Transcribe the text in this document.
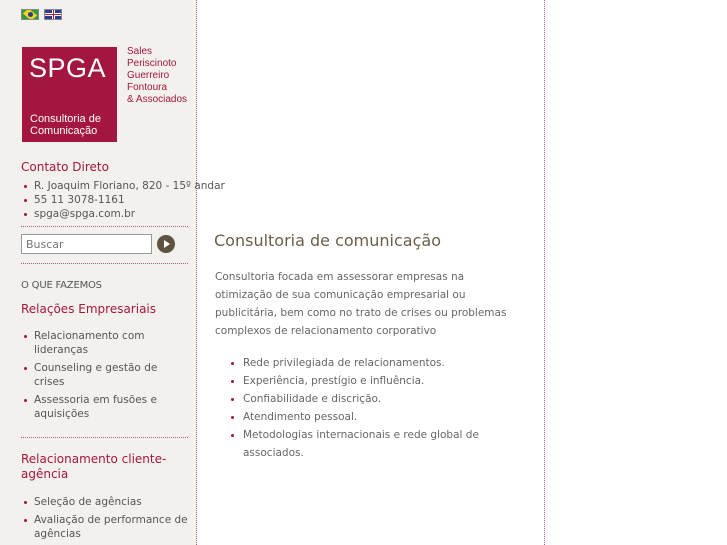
SPGA
Consultoria de
Comunicação
Sales
Periscinoto
Guerreiro
Fontoura
& Associados
Contato Direto
R. Joaquim Floriano, 820 - 15º andar
55 11 3078-1161
spga@spga.com.br
Buscar
O QUE FAZEMOS
Relações Empresariais
Relacionamento com lideranças
Counseling e gestão de crises
Assessoria em fusões e aquisições
Relacionamento cliente-agência
Seleção de agências
Avaliação de performance de agências
Consultoria de comunicação
Consultoria focada em assessorar empresas na otimização de sua comunicação empresarial ou publicitária, bem como no trato de crises ou problemas complexos de relacionamento corporativo
Rede privilegiada de relacionamentos.
Experiência, prestígio e influência.
Confiabilidade e discrição.
Atendimento pessoal.
Metodologias internacionais e rede global de associados.
